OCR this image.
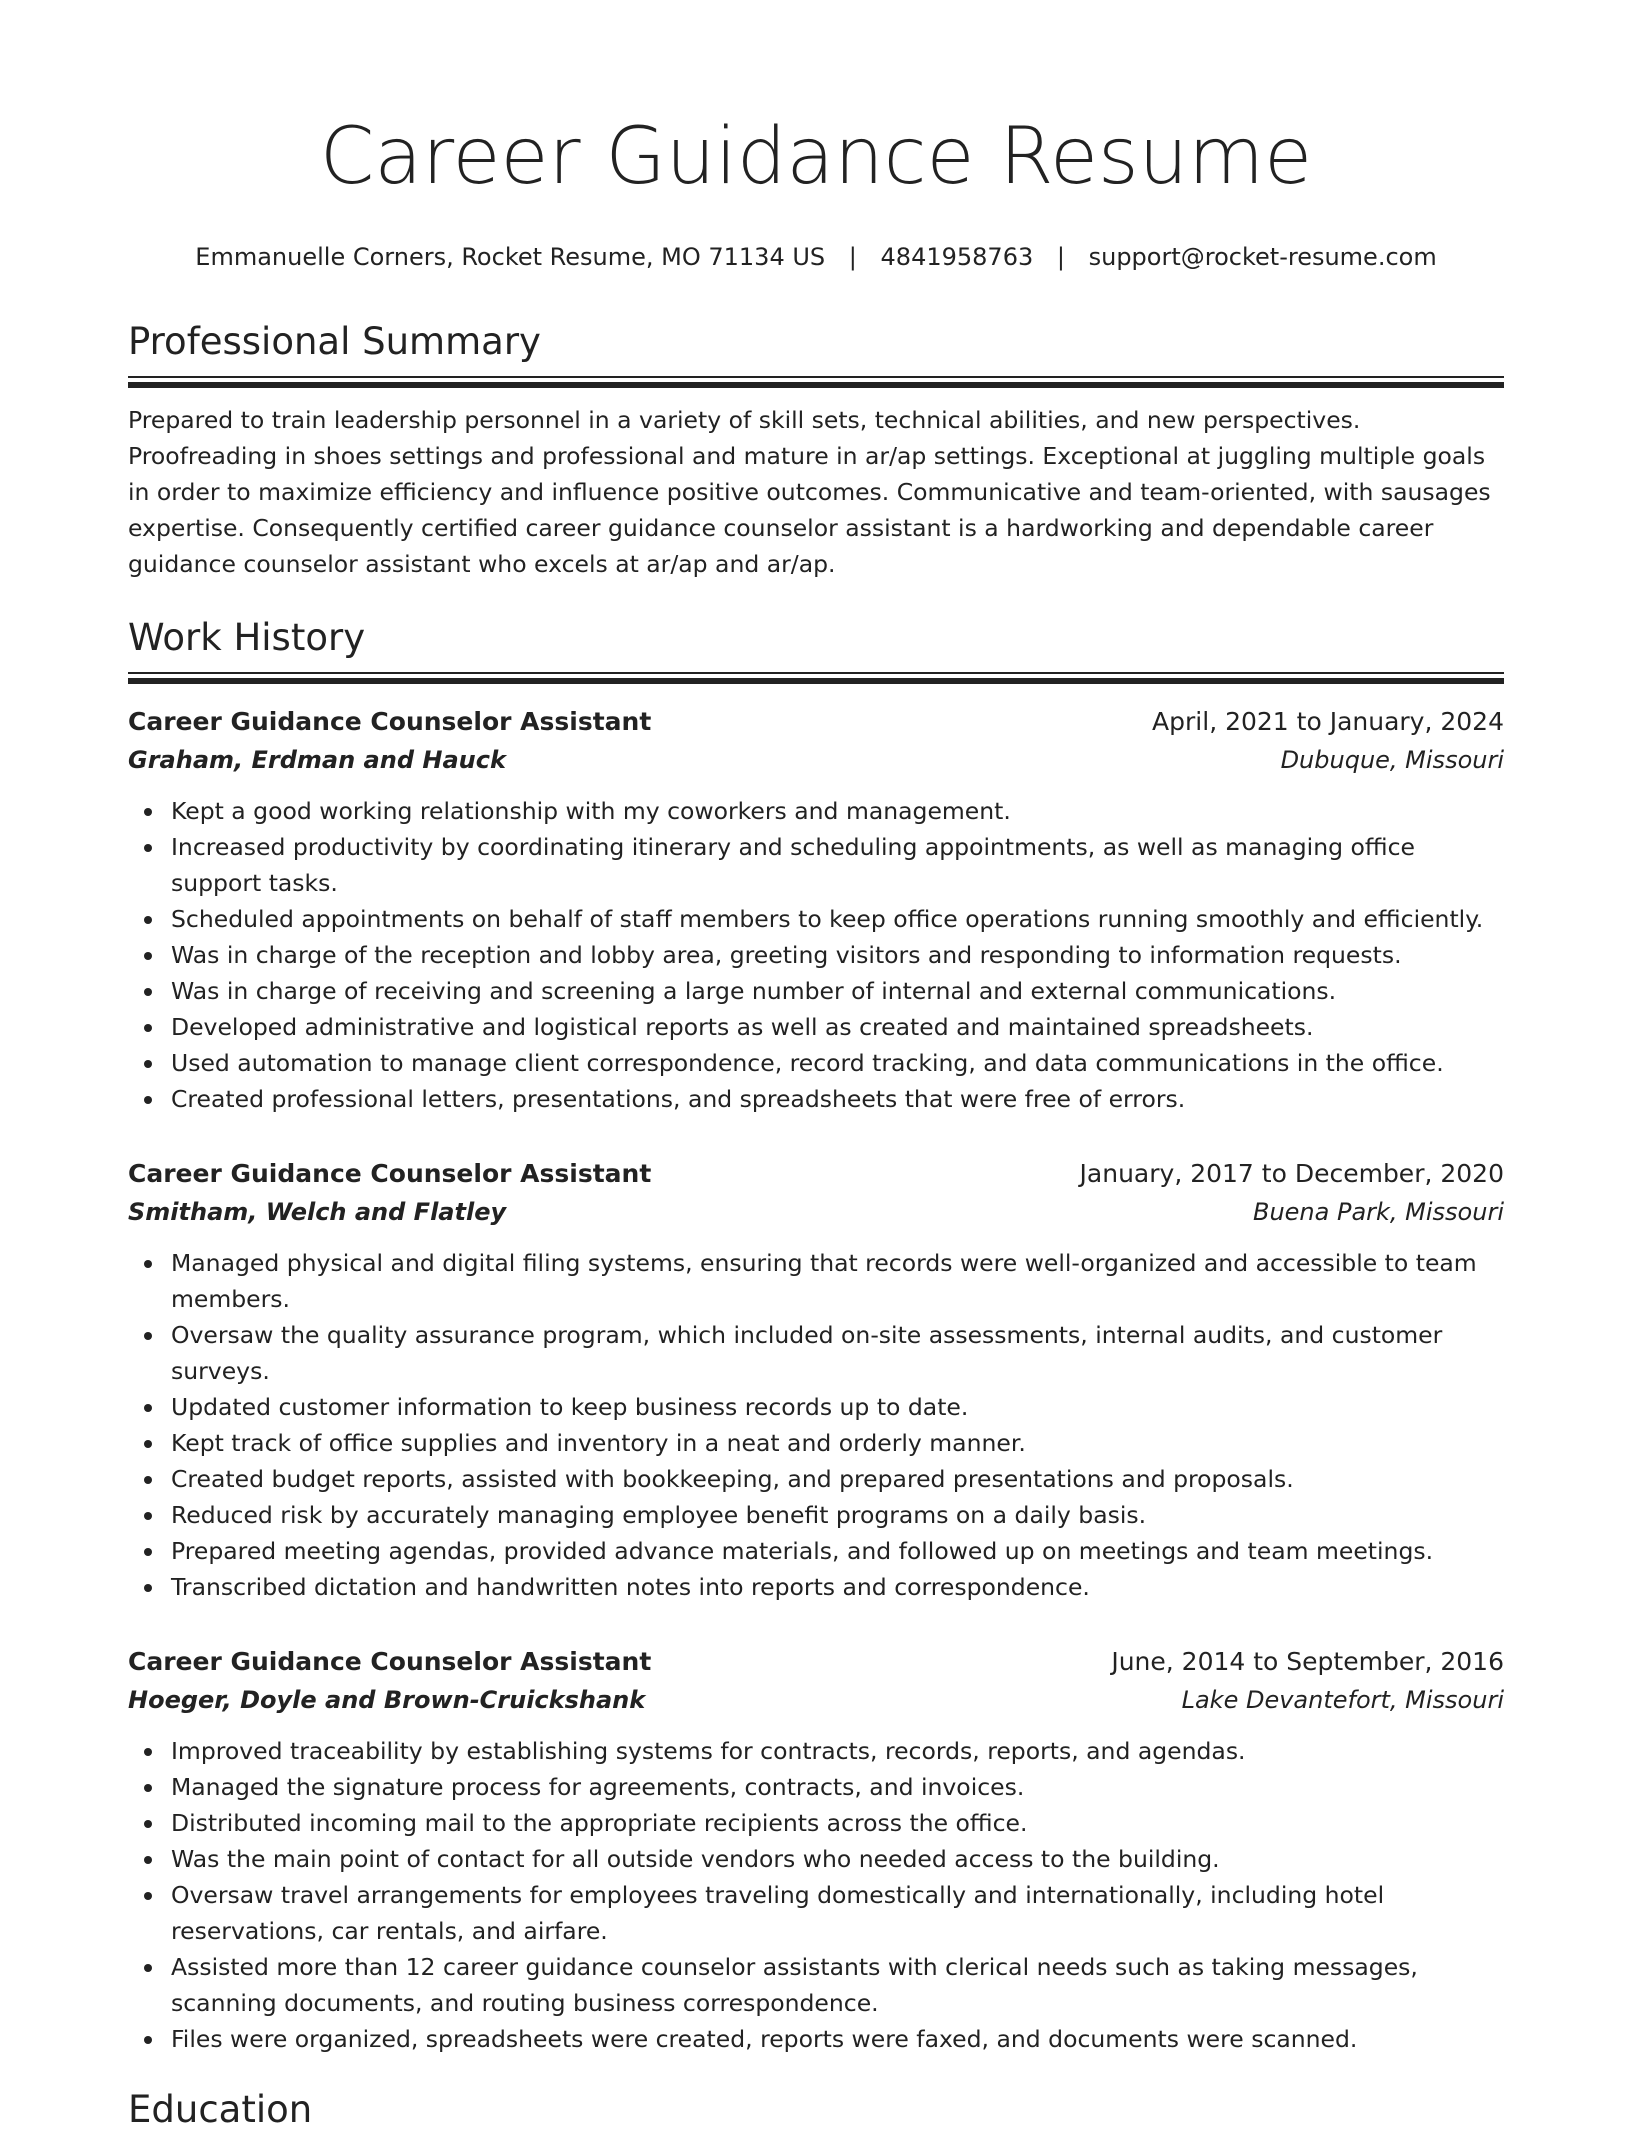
Career Guidance Resume
Emmanuelle Corners, Rocket Resume, MO 71134 US | 4841958763 | support@rocket-resume.com
Professional Summary
Prepared to train leadership personnel in a variety of skill sets, technical abilities, and new perspectives. Proofreading in shoes settings and professional and mature in ar/ap settings. Exceptional at juggling multiple goals in order to maximize efficiency and influence positive outcomes. Communicative and team-oriented, with sausages expertise. Consequently certified career guidance counselor assistant is a hardworking and dependable career guidance counselor assistant who excels at ar/ap and ar/ap.
Work History
Career Guidance Counselor Assistant	April, 2021 to January, 2024
Graham, Erdman and Hauck	Dubuque, Missouri
Kept a good working relationship with my coworkers and management.
Increased productivity by coordinating itinerary and scheduling appointments, as well as managing office support tasks.
Scheduled appointments on behalf of staff members to keep office operations running smoothly and efficiently.
Was in charge of the reception and lobby area, greeting visitors and responding to information requests.
Was in charge of receiving and screening a large number of internal and external communications.
Developed administrative and logistical reports as well as created and maintained spreadsheets.
Used automation to manage client correspondence, record tracking, and data communications in the office.
Created professional letters, presentations, and spreadsheets that were free of errors.
Career Guidance Counselor Assistant	January, 2017 to December, 2020
Smitham, Welch and Flatley	Buena Park, Missouri
Managed physical and digital filing systems, ensuring that records were well-organized and accessible to team members.
Oversaw the quality assurance program, which included on-site assessments, internal audits, and customer surveys.
Updated customer information to keep business records up to date.
Kept track of office supplies and inventory in a neat and orderly manner.
Created budget reports, assisted with bookkeeping, and prepared presentations and proposals.
Reduced risk by accurately managing employee benefit programs on a daily basis.
Prepared meeting agendas, provided advance materials, and followed up on meetings and team meetings.
Transcribed dictation and handwritten notes into reports and correspondence.
Career Guidance Counselor Assistant	June, 2014 to September, 2016
Hoeger, Doyle and Brown-Cruickshank	Lake Devantefort, Missouri
Improved traceability by establishing systems for contracts, records, reports, and agendas.
Managed the signature process for agreements, contracts, and invoices.
Distributed incoming mail to the appropriate recipients across the office.
Was the main point of contact for all outside vendors who needed access to the building.
Oversaw travel arrangements for employees traveling domestically and internationally, including hotel reservations, car rentals, and airfare.
Assisted more than 12 career guidance counselor assistants with clerical needs such as taking messages, scanning documents, and routing business correspondence.
Files were organized, spreadsheets were created, reports were faxed, and documents were scanned.
Education
